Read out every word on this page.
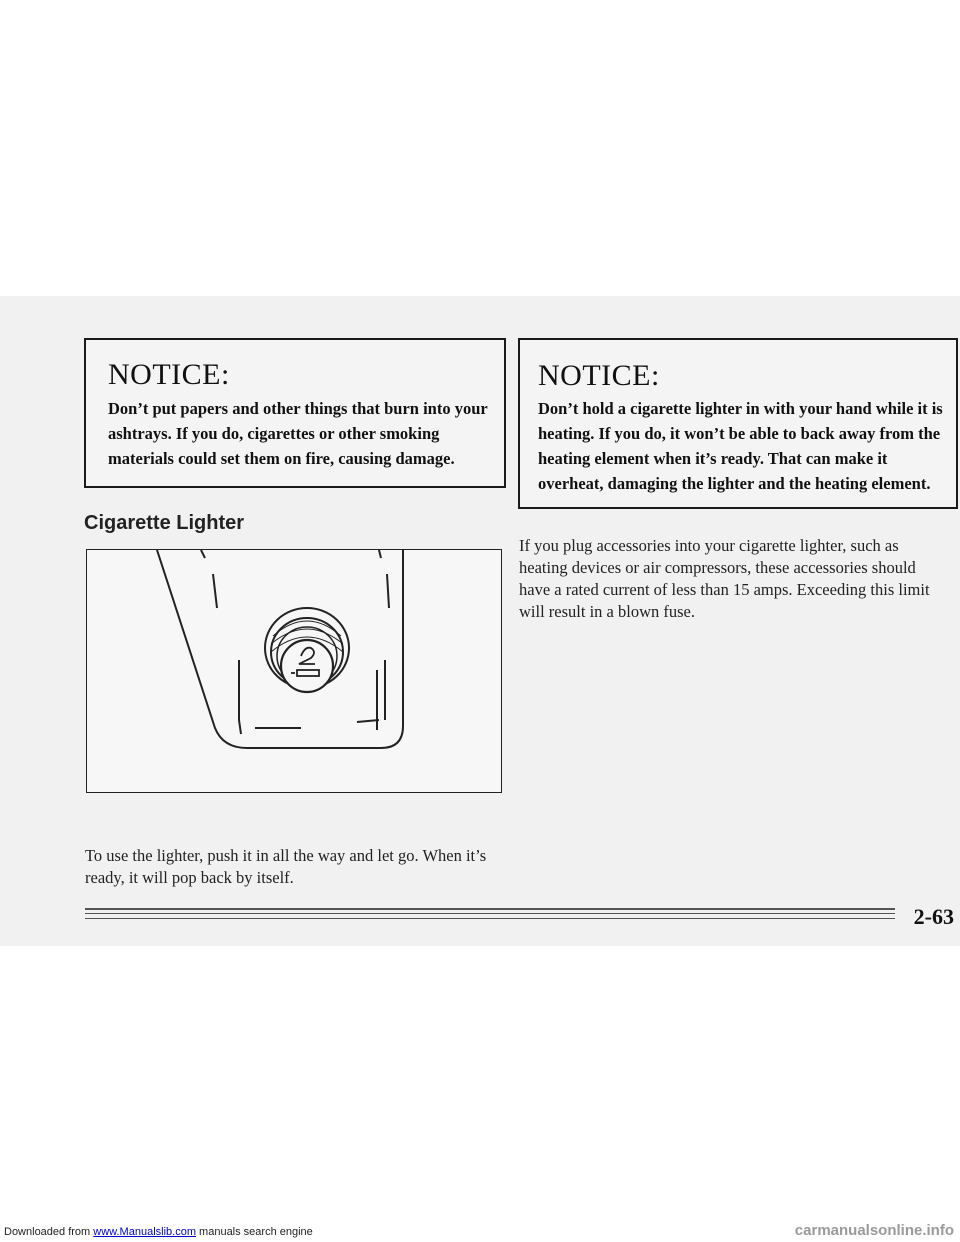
NOTICE:

Don’t put papers and other things that burn into your ashtrays. If you do, cigarettes or other smoking materials could set them on fire, causing damage.

NOTICE:

Don’t hold a cigarette lighter in with your hand while it is heating. If you do, it won’t be able to back away from the heating element when it’s ready. That can make it overheat, damaging the lighter and the heating element.

Cigarette Lighter

To use the lighter, push it in all the way and let go. When it’s ready, it will pop back by itself.

If you plug accessories into your cigarette lighter, such as heating devices or air compressors, these accessories should have a rated current of less than 15 amps. Exceeding this limit will result in a blown fuse.

2-63

Downloaded from www.Manualslib.com manuals search engine	carmanualsonline.info
